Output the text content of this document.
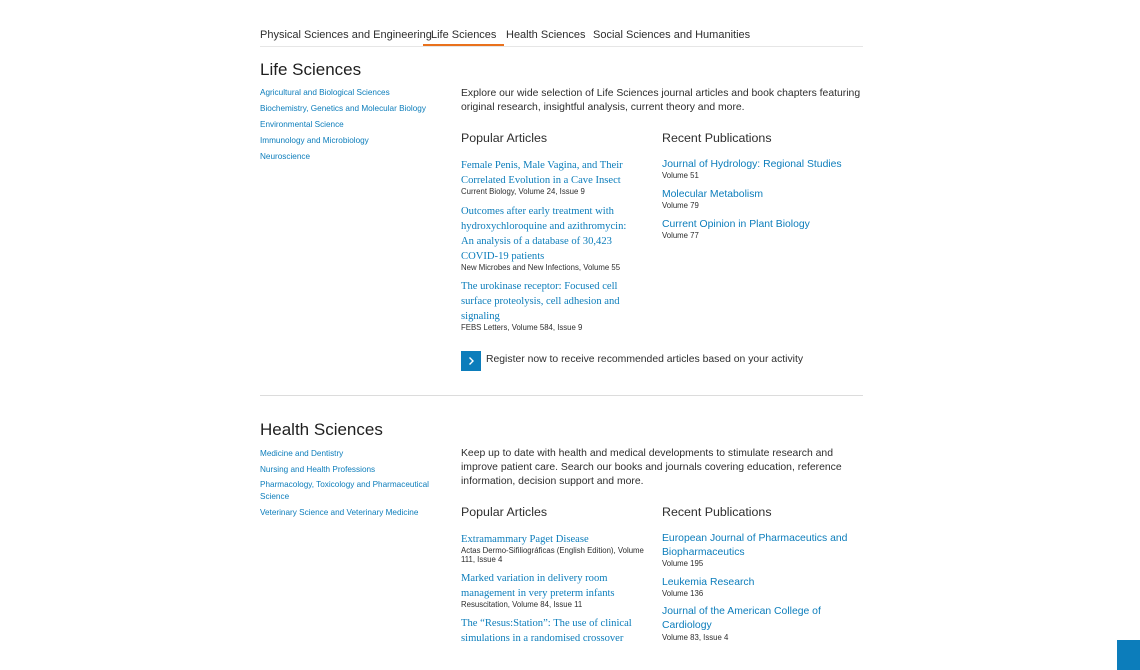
Physical Sciences and Engineering Life Sciences Health Sciences Social Sciences and Humanities
Life Sciences
Agricultural and Biological Sciences
Biochemistry, Genetics and Molecular Biology
Environmental Science
Immunology and Microbiology
Neuroscience
Explore our wide selection of Life Sciences journal articles and book chapters featuring original research, insightful analysis, current theory and more.
Popular Articles	Recent Publications
Female Penis, Male Vagina, and Their Correlated Evolution in a Cave Insect
Current Biology, Volume 24, Issue 9
Outcomes after early treatment with hydroxychloroquine and azithromycin: An analysis of a database of 30,423 COVID-19 patients
New Microbes and New Infections, Volume 55
The urokinase receptor: Focused cell surface proteolysis, cell adhesion and signaling
FEBS Letters, Volume 584, Issue 9
Journal of Hydrology: Regional Studies
Volume 51
Molecular Metabolism
Volume 79
Current Opinion in Plant Biology
Volume 77
Register now to receive recommended articles based on your activity
Health Sciences
Medicine and Dentistry
Nursing and Health Professions
Pharmacology, Toxicology and Pharmaceutical Science
Veterinary Science and Veterinary Medicine
Keep up to date with health and medical developments to stimulate research and improve patient care. Search our books and journals covering education, reference information, decision support and more.
Popular Articles	Recent Publications
Extramammary Paget Disease
Actas Dermo-Sifiliográficas (English Edition), Volume 111, Issue 4
Marked variation in delivery room management in very preterm infants
Resuscitation, Volume 84, Issue 11
The “Resus:Station”: The use of clinical simulations in a randomised crossover
European Journal of Pharmaceutics and Biopharmaceutics
Volume 195
Leukemia Research
Volume 136
Journal of the American College of Cardiology
Volume 83, Issue 4
